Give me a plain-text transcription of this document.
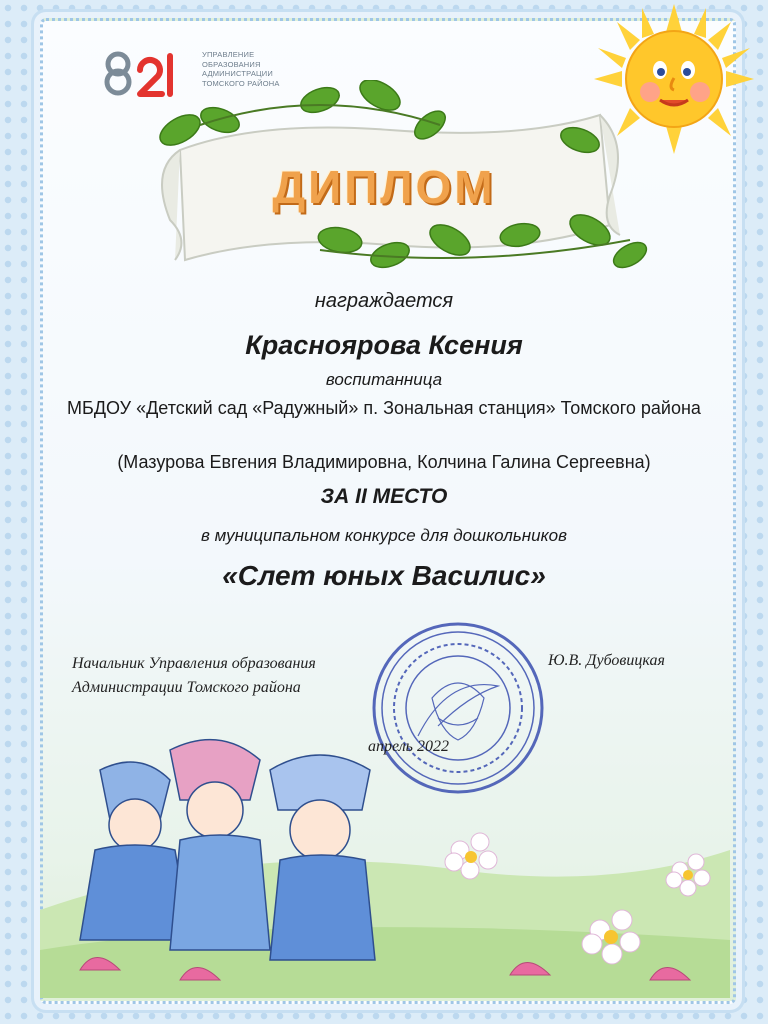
УПРАВЛЕНИЕ
ОБРАЗОВАНИЯ
АДМИНИСТРАЦИИ
ТОМСКОГО РАЙОНА
ДИПЛОМ
награждается
Красноярова Ксения
воспитанница
МБДОУ «Детский сад «Радужный» п. Зональная станция» Томского района
(Мазурова Евгения Владимировна, Колчина Галина Сергеевна)
ЗА II МЕСТО
в муниципальном конкурсе для дошкольников
«Слет юных Василис»
Начальник Управления образования
Администрации Томского района
Ю.В. Дубовицкая
апрель 2022
